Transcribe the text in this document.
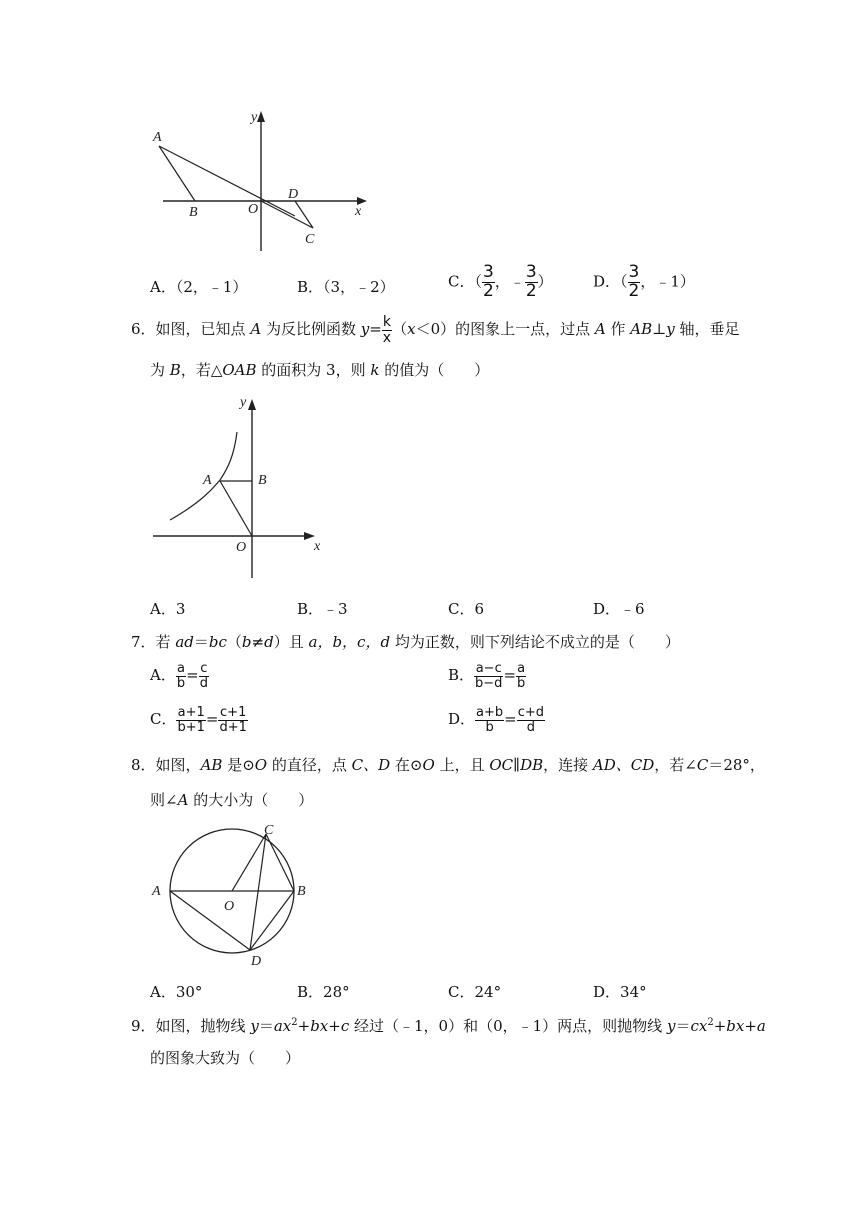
A
B	O
D
C
y
x
A．（2，﹣1）	B．（3，﹣2）	C．（ $\frac{3}{2}$ ，﹣ $\frac{3}{2}$ ）	D．（ $\frac{3}{2}$ ，﹣1）
6．如图，已知点 A 为反比例函数 $y= \frac{k}{x} (x<0)$的图象上一点，过点 A 作 AB⊥y 轴，垂足
为 B，若△OAB 的面积为 3，则 k 的值为（　　）
y
A	B
O	x
A．3	B．﹣3	C．6	D．﹣6
7．若 ad＝bc（b≠d）且 a，b，c，d 均为正数，则下列结论不成立的是（　　）
A． $\frac{a}{b} = \frac{c}{d}$	B． $\frac{a-c}{b-d} = \frac{a}{b}$
C． $\frac{a+1}{b+1} = \frac{c+1}{d+1}$	D． $\frac{a+b}{b} = \frac{c+d}{d}$
8．如图，AB 是⊙O 的直径，点 C、D 在⊙O 上，且 OC∥DB，连接 AD、CD，若∠C＝28°，
则∠A 的大小为（　　）
C
A
O
B
D
A．30°	B．28°	C．24°	D．34°
9．如图，抛物线 $y=ax^2+bx+c$ 经过（﹣1，0）和（0，﹣1）两点，则抛物线 $y=cx^2+bx+a$
的图象大致为（　　）
